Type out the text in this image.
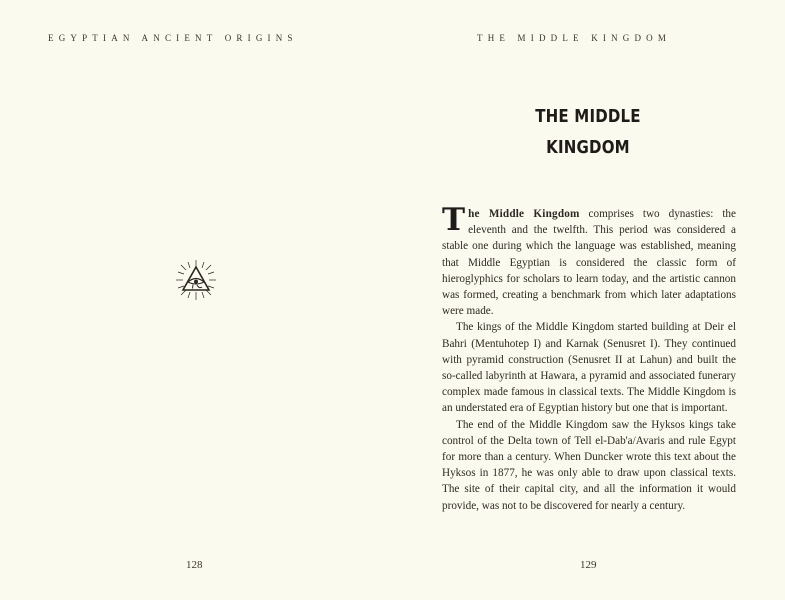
EGYPTIAN ANCIENT ORIGINS
128
THE MIDDLE KINGDOM
THE MIDDLE
KINGDOM

The Middle Kingdom comprises two dynasties: the eleventh and the twelfth. This period was considered a stable one during which the language was established, meaning that Middle Egyptian is considered the classic form of hieroglyphics for scholars to learn today, and the artistic cannon was formed, creating a benchmark from which later adaptations were made.

The kings of the Middle Kingdom started building at Deir el Bahri (Mentuhotep I) and Karnak (Senusret I). They continued with pyramid construction (Senusret II at Lahun) and built the so-called labyrinth at Hawara, a pyramid and associated funerary complex made famous in classical texts. The Middle Kingdom is an understated era of Egyptian history but one that is important.

The end of the Middle Kingdom saw the Hyksos kings take control of the Delta town of Tell el-Dab'a/Avaris and rule Egypt for more than a century. When Duncker wrote this text about the Hyksos in 1877, he was only able to draw upon classical texts. The site of their capital city, and all the information it would provide, was not to be discovered for nearly a century.

129
